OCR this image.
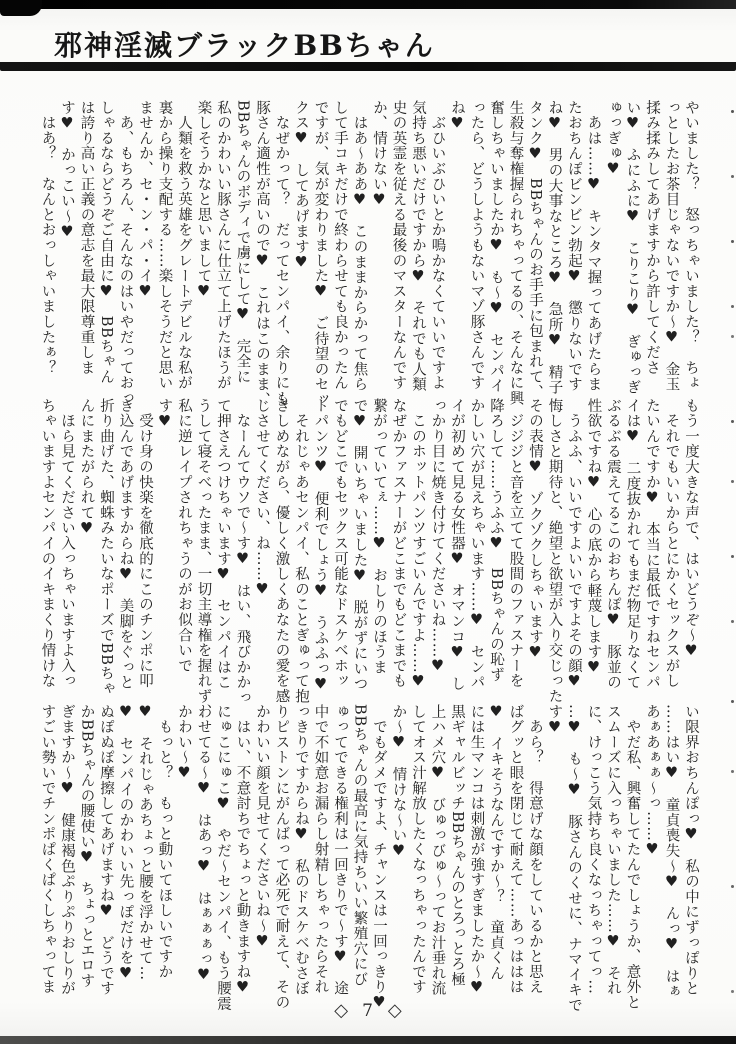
邪神淫滅ブラックBBちゃん
やいました？　怒っちゃいました？　ちょ
っとしたお茶目じゃないですか～♥　金玉
揉み揉みしてあげますから許してくださ
い♥　ふにふに♥　こりこり♥　ぎゅっぎ
ゅっぎゅ♥
　あは……♥　キンタマ握ってあげたらま
たおちんぽビンビン勃起♥　懲りないです
ね♥　男の大事なところ♥　急所♥　精子
タンク♥　BBちゃんのお手手に包まれて、
生殺与奪権握られちゃってるの、そんなに興
奮しちゃいましたか♥　も～♥　センパイ
ったら、どうしようもないマゾ豚さんです
ね♥
　ぶひいぶひいとか鳴かなくていいですよ
気持ち悪いだけですから♥　それでも人類
史の英霊を従える最後のマスターなんです
か、情けない♥
　はあ～ああ♥　このままからかって焦ら
して手コキだけで終わらせても良かったん
ですが、気が変わりました♥　ご待望のセッ
クス♥　してあげます♥
　なぜかって？　だってセンパイ、余りにも
豚さん適性が高いので♥　これはこのまま、
BBちゃんのボディで虜にして♥　完全に
私のかわいい豚さんに仕立て上げたほうが
楽しそうかなと思いまして♥
　人類を救う英雄をグレートデビルな私が
裏から操り支配する……楽しそうだと思い
ませんか、セ・ン・パ・イ♥
　あ、もちろん、そんなのはいやだっておっ
しゃるならどうぞご自由に♥　BBちゃん
は誇り高い正義の意志を最大限尊重しま
す♥　かっこい～♥
　はあ？　なんとおっしゃいましたぁ？
もう一度大きな声で、はいどうぞ～♥
　それでもいいからとにかくセックスがし
たいんですか♥　本当に最低ですねセンパ
イは♥　二度抜かれてもまだ物足りなくて
ぶるぶる震えてるこのおちんぽ♥　豚並の
性欲ですね♥　心の底から軽蔑します♥
　うふふ、いいですよいいですよその顔♥
悔しさと期待と、絶望と欲望が入り交じった
その表情♥　ゾクゾクしちゃいます♥
　ジジジと音を立てて股間のファスナーを
降ろして……うふふ♥　BBちゃんの恥ず
かしい穴が見えちゃいます……♥　センパ
イが初めて見る女性器♥　オマンコ♥　し
っかり目に焼き付けてくださいね……♥
　このホットパンツすごいんですよ……♥
なぜかファスナーがどこまでもどこまでも
繋がっていてぇ……♥　おしりのほうま
で♥　開いちゃいました♥　脱がずにいつ
でもどこでもセックス可能なドスケベホッ
トパンツ♥　便利でしょう♥　うふふっ♥
　それじゃあセンパイ、私のことぎゅって抱
きしめながら、優しく激しくあなたの愛を感
じさせてください、ね……♥
　なーんてウソで～す♥　はい、飛びかかっ
て押さえつけちゃいます♥　センパイはこ
うして寝そべったまま、一切主導権を握れず、
私に逆レイプされちゃうのがお似合いで
す♥
　受け身の快楽を徹底的にこのチンポに叩
き込んであげますからね♥　美脚をぐっと
折り曲げた、蜘蛛みたいなポーズでBBちゃ
んにまたがられて♥
　ほら見てください入っちゃいますよ入っ
ちゃいますよセンパイのイキまくり情けな
い限界おちんぽっ♥　私の中にずっぽりと
……はい♥　童貞喪失～♥　んっ♥　はぁ
あぁあぁぁ～っ……♥
　やだ私、興奮してたんでしょうか、意外と
スムーズに入っちゃいました……♥　それ
に、けっこう気持ち良くなっちゃってっ…
…♥　も～♥　豚さんのくせに、ナマイキで
す♥
　あら？　得意げな顔をしているかと思え
ばグッと眼を閉じて耐えて……あっははは
♥　イキそうなんですか～？　童貞くん
には生マンコは刺激が強すぎましたか～♥
黒ギャルビッチBBちゃんのとろっとろ極
上ハメ穴♥　びゅっびゅ～ってお汁垂れ流
してオス汁解放したくなっちゃったんです
か～♥　情けな～い♥
　でもダメですよ、チャンスは一回っきり♥
BBちゃんの最高に気持ちいい繁殖穴にび
ゅってできる権利は一回きりで～す♥　途
中で不如意お漏らし射精しちゃったらそれ
っきりですからね♥　私のドスケベむさぼ
りピストンにがんばって必死で耐えて、その
かわいい顔を見せてくださいね～♥
　はい、不意討ちでちょっと動きますね♥
にゅこにゅこ♥　やだ～センパイ、もう腰震
わせてる～♥　はあっ♥　はぁぁぁっ♥
かわい～♥
　もっと？　もっと動いてほしいですか
♥　それじゃあちょっと腰を浮かせて…
♥　センパイのかわいい先っぽだけを♥
ぬぽぬぽ摩擦してあげますね♥　どうです
かBBちゃんの腰使い♥　ちょっとエロす
ぎますか～♥　健康褐色ぷりぷりおしりが
すごい勢いでチンポぱくぱくしちゃってま
◇ 7 ◇
